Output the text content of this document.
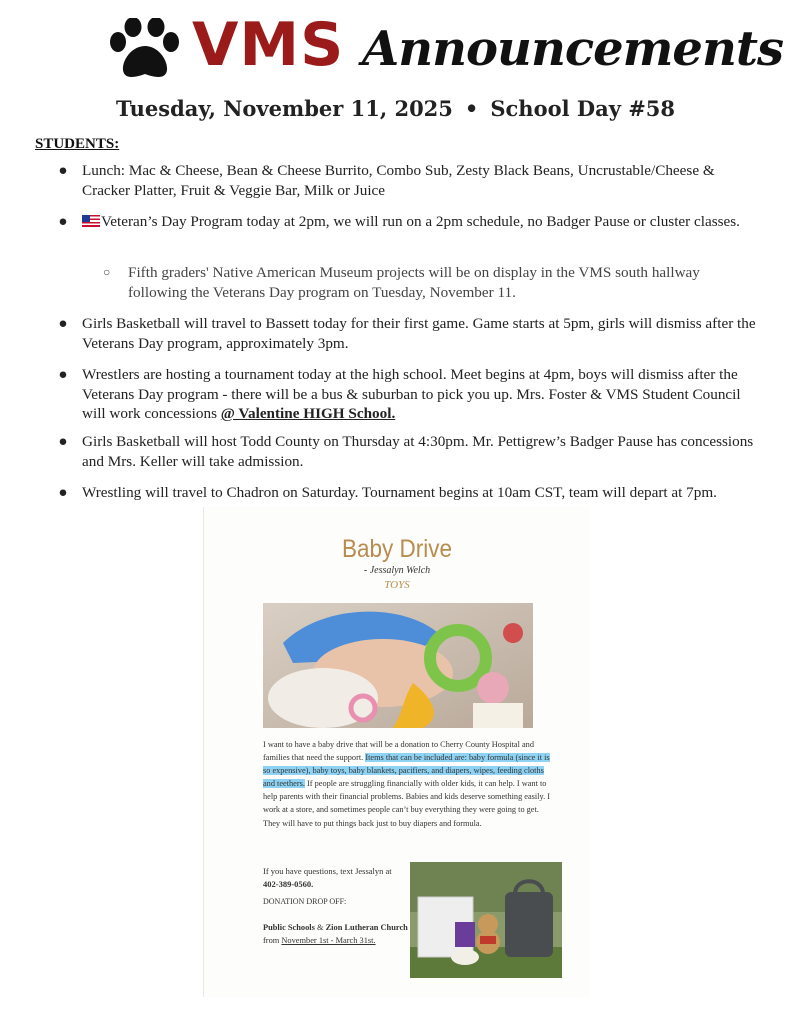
VMS Announcements
Tuesday, November 11, 2025 • School Day #58
STUDENTS:
● Lunch: Mac & Cheese, Bean & Cheese Burrito, Combo Sub, Zesty Black Beans, Uncrustable/Cheese & Cracker Platter, Fruit & Veggie Bar, Milk or Juice
● Veteran’s Day Program today at 2pm, we will run on a 2pm schedule, no Badger Pause or cluster classes.
○ Fifth graders' Native American Museum projects will be on display in the VMS south hallway following the Veterans Day program on Tuesday, November 11.
● Girls Basketball will travel to Bassett today for their first game. Game starts at 5pm, girls will dismiss after the Veterans Day program, approximately 3pm.
● Wrestlers are hosting a tournament today at the high school. Meet begins at 4pm, boys will dismiss after the Veterans Day program - there will be a bus & suburban to pick you up. Mrs. Foster & VMS Student Council will work concessions @ Valentine HIGH School.
● Girls Basketball will host Todd County on Thursday at 4:30pm. Mr. Pettigrew’s Badger Pause has concessions and Mrs. Keller will take admission.
● Wrestling will travel to Chadron on Saturday. Tournament begins at 10am CST, team will depart at 7pm.
Baby Drive
- Jessalyn Welch
TOYS
I want to have a baby drive that will be a donation to Cherry County Hospital and families that need the support. Items that can be included are: baby formula (since it is so expensive), baby toys, baby blankets, pacifiers, and diapers, wipes, feeding cloths and teethers. If people are struggling financially with older kids, it can help. I want to help parents with their financial problems. Babies and kids deserve something easily. I work at a store, and sometimes people can’t buy everything they were going to get. They will have to put things back just to buy diapers and formula.
If you have questions, text Jessalyn at 402-389-0560.
DONATION DROP OFF:
Public Schools & Zion Lutheran Church from November 1st - March 31st.
